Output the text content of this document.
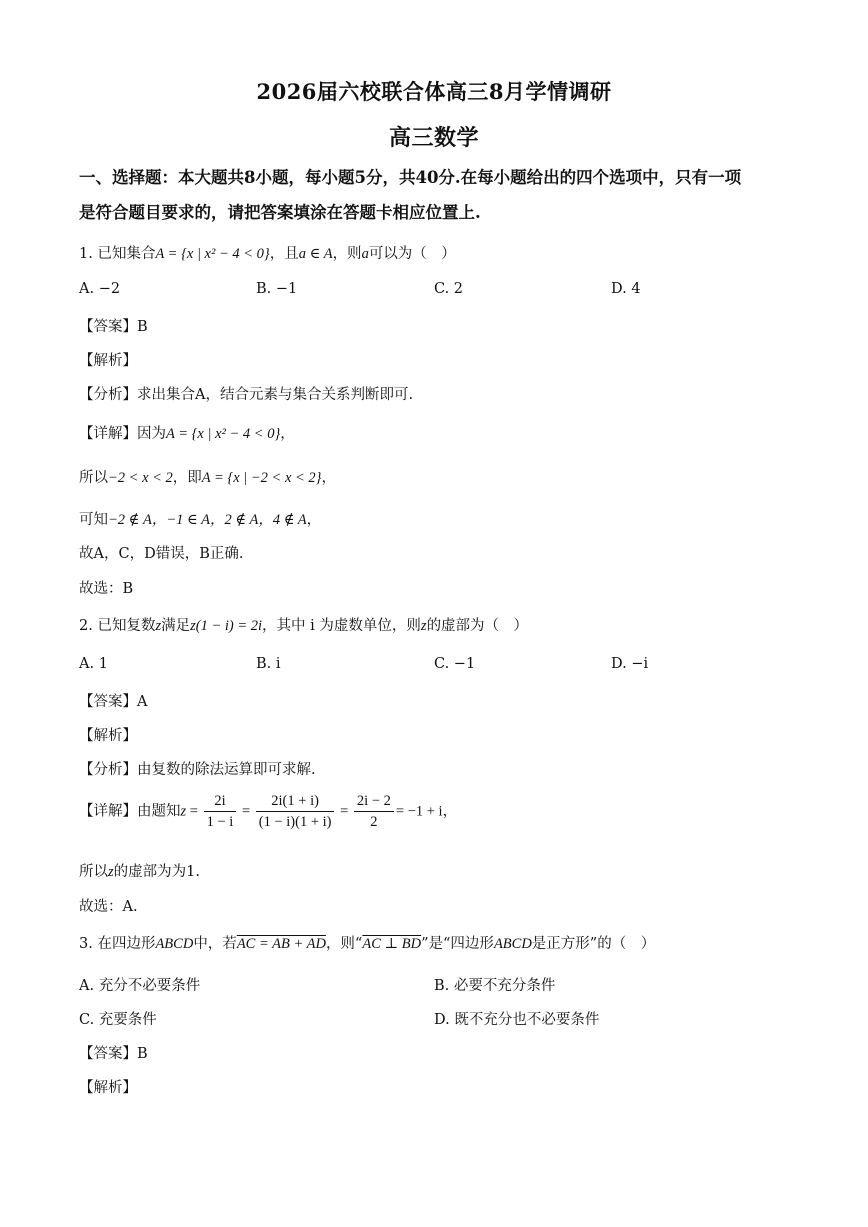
2026届六校联合体高三8月学情调研
高三数学
一、选择题：本大题共8小题，每小题5分，共40分.在每小题给出的四个选项中，只有一项
是符合题目要求的，请把答案填涂在答题卡相应位置上.
1. 已知集合A = {x | x² − 4 < 0}，且a ∈ A，则a可以为（　）
A. −2	B. −1	C. 2	D. 4
【答案】B
【解析】
【分析】求出集合A，结合元素与集合关系判断即可.
【详解】因为A = {x | x² − 4 < 0}，
所以−2 < x < 2，即A = {x | −2 < x < 2}，
可知−2 ∉ A，−1 ∈ A，2 ∉ A，4 ∉ A，
故A，C，D错误，B正确.
故选：B
2. 已知复数z满足z(1 − i) = 2i，其中 i 为虚数单位，则z的虚部为（　）
A. 1	B. i	C. −1	D. −i
【答案】A
【解析】
【分析】由复数的除法运算即可求解.
【详解】由题知$z = \frac{2i}{1 - i} = \frac{2i(1 + i)}{(1 - i)(1 + i)} = \frac{2i - 2}{2} = -1 + i$，
所以z的虚部为为1.
故选：A.
3. 在四边形ABCD中，若AC = AB + AD，则“AC ⊥ BD”是“四边形ABCD是正方形”的（　）
A. 充分不必要条件	B. 必要不充分条件
C. 充要条件	D. 既不充分也不必要条件
【答案】B
【解析】
